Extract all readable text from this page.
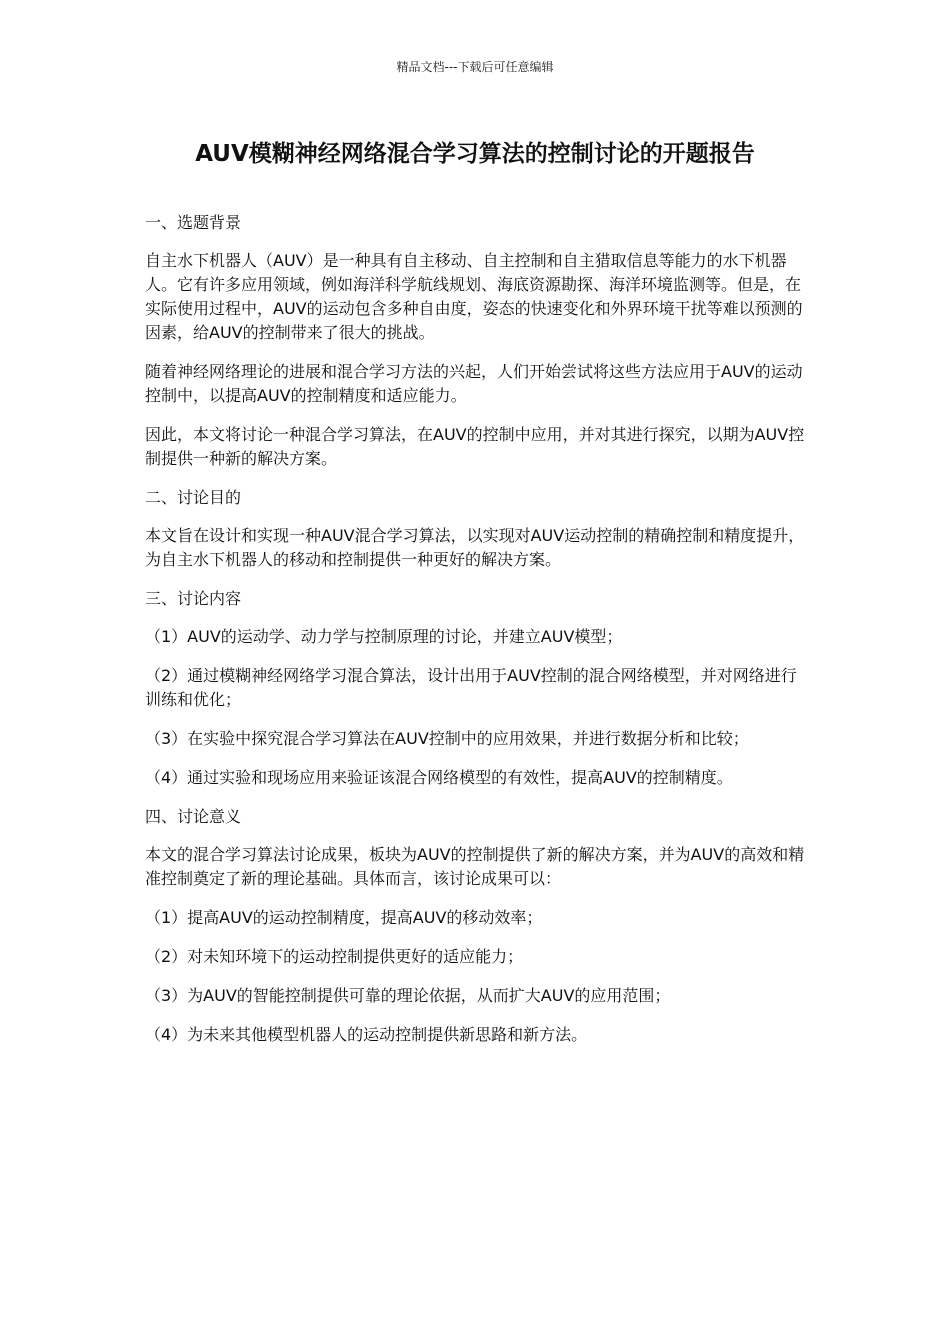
精品文档---下载后可任意编辑
AUV模糊神经网络混合学习算法的控制讨论的开题报告

一、选题背景

自主水下机器人（AUV）是一种具有自主移动、自主控制和自主猎取信息等能力的水下机器人。它有许多应用领域，例如海洋科学航线规划、海底资源勘探、海洋环境监测等。但是，在实际使用过程中，AUV的运动包含多种自由度，姿态的快速变化和外界环境干扰等难以预测的因素，给AUV的控制带来了很大的挑战。

随着神经网络理论的进展和混合学习方法的兴起，人们开始尝试将这些方法应用于AUV的运动控制中，以提高AUV的控制精度和适应能力。

因此，本文将讨论一种混合学习算法，在AUV的控制中应用，并对其进行探究，以期为AUV控制提供一种新的解决方案。

二、讨论目的

本文旨在设计和实现一种AUV混合学习算法，以实现对AUV运动控制的精确控制和精度提升，为自主水下机器人的移动和控制提供一种更好的解决方案。

三、讨论内容

（1）AUV的运动学、动力学与控制原理的讨论，并建立AUV模型；

（2）通过模糊神经网络学习混合算法，设计出用于AUV控制的混合网络模型，并对网络进行训练和优化；

（3）在实验中探究混合学习算法在AUV控制中的应用效果，并进行数据分析和比较；

（4）通过实验和现场应用来验证该混合网络模型的有效性，提高AUV的控制精度。

四、讨论意义

本文的混合学习算法讨论成果，板块为AUV的控制提供了新的解决方案，并为AUV的高效和精准控制奠定了新的理论基础。具体而言，该讨论成果可以：

（1）提高AUV的运动控制精度，提高AUV的移动效率；

（2）对未知环境下的运动控制提供更好的适应能力；

（3）为AUV的智能控制提供可靠的理论依据，从而扩大AUV的应用范围；

（4）为未来其他模型机器人的运动控制提供新思路和新方法。
